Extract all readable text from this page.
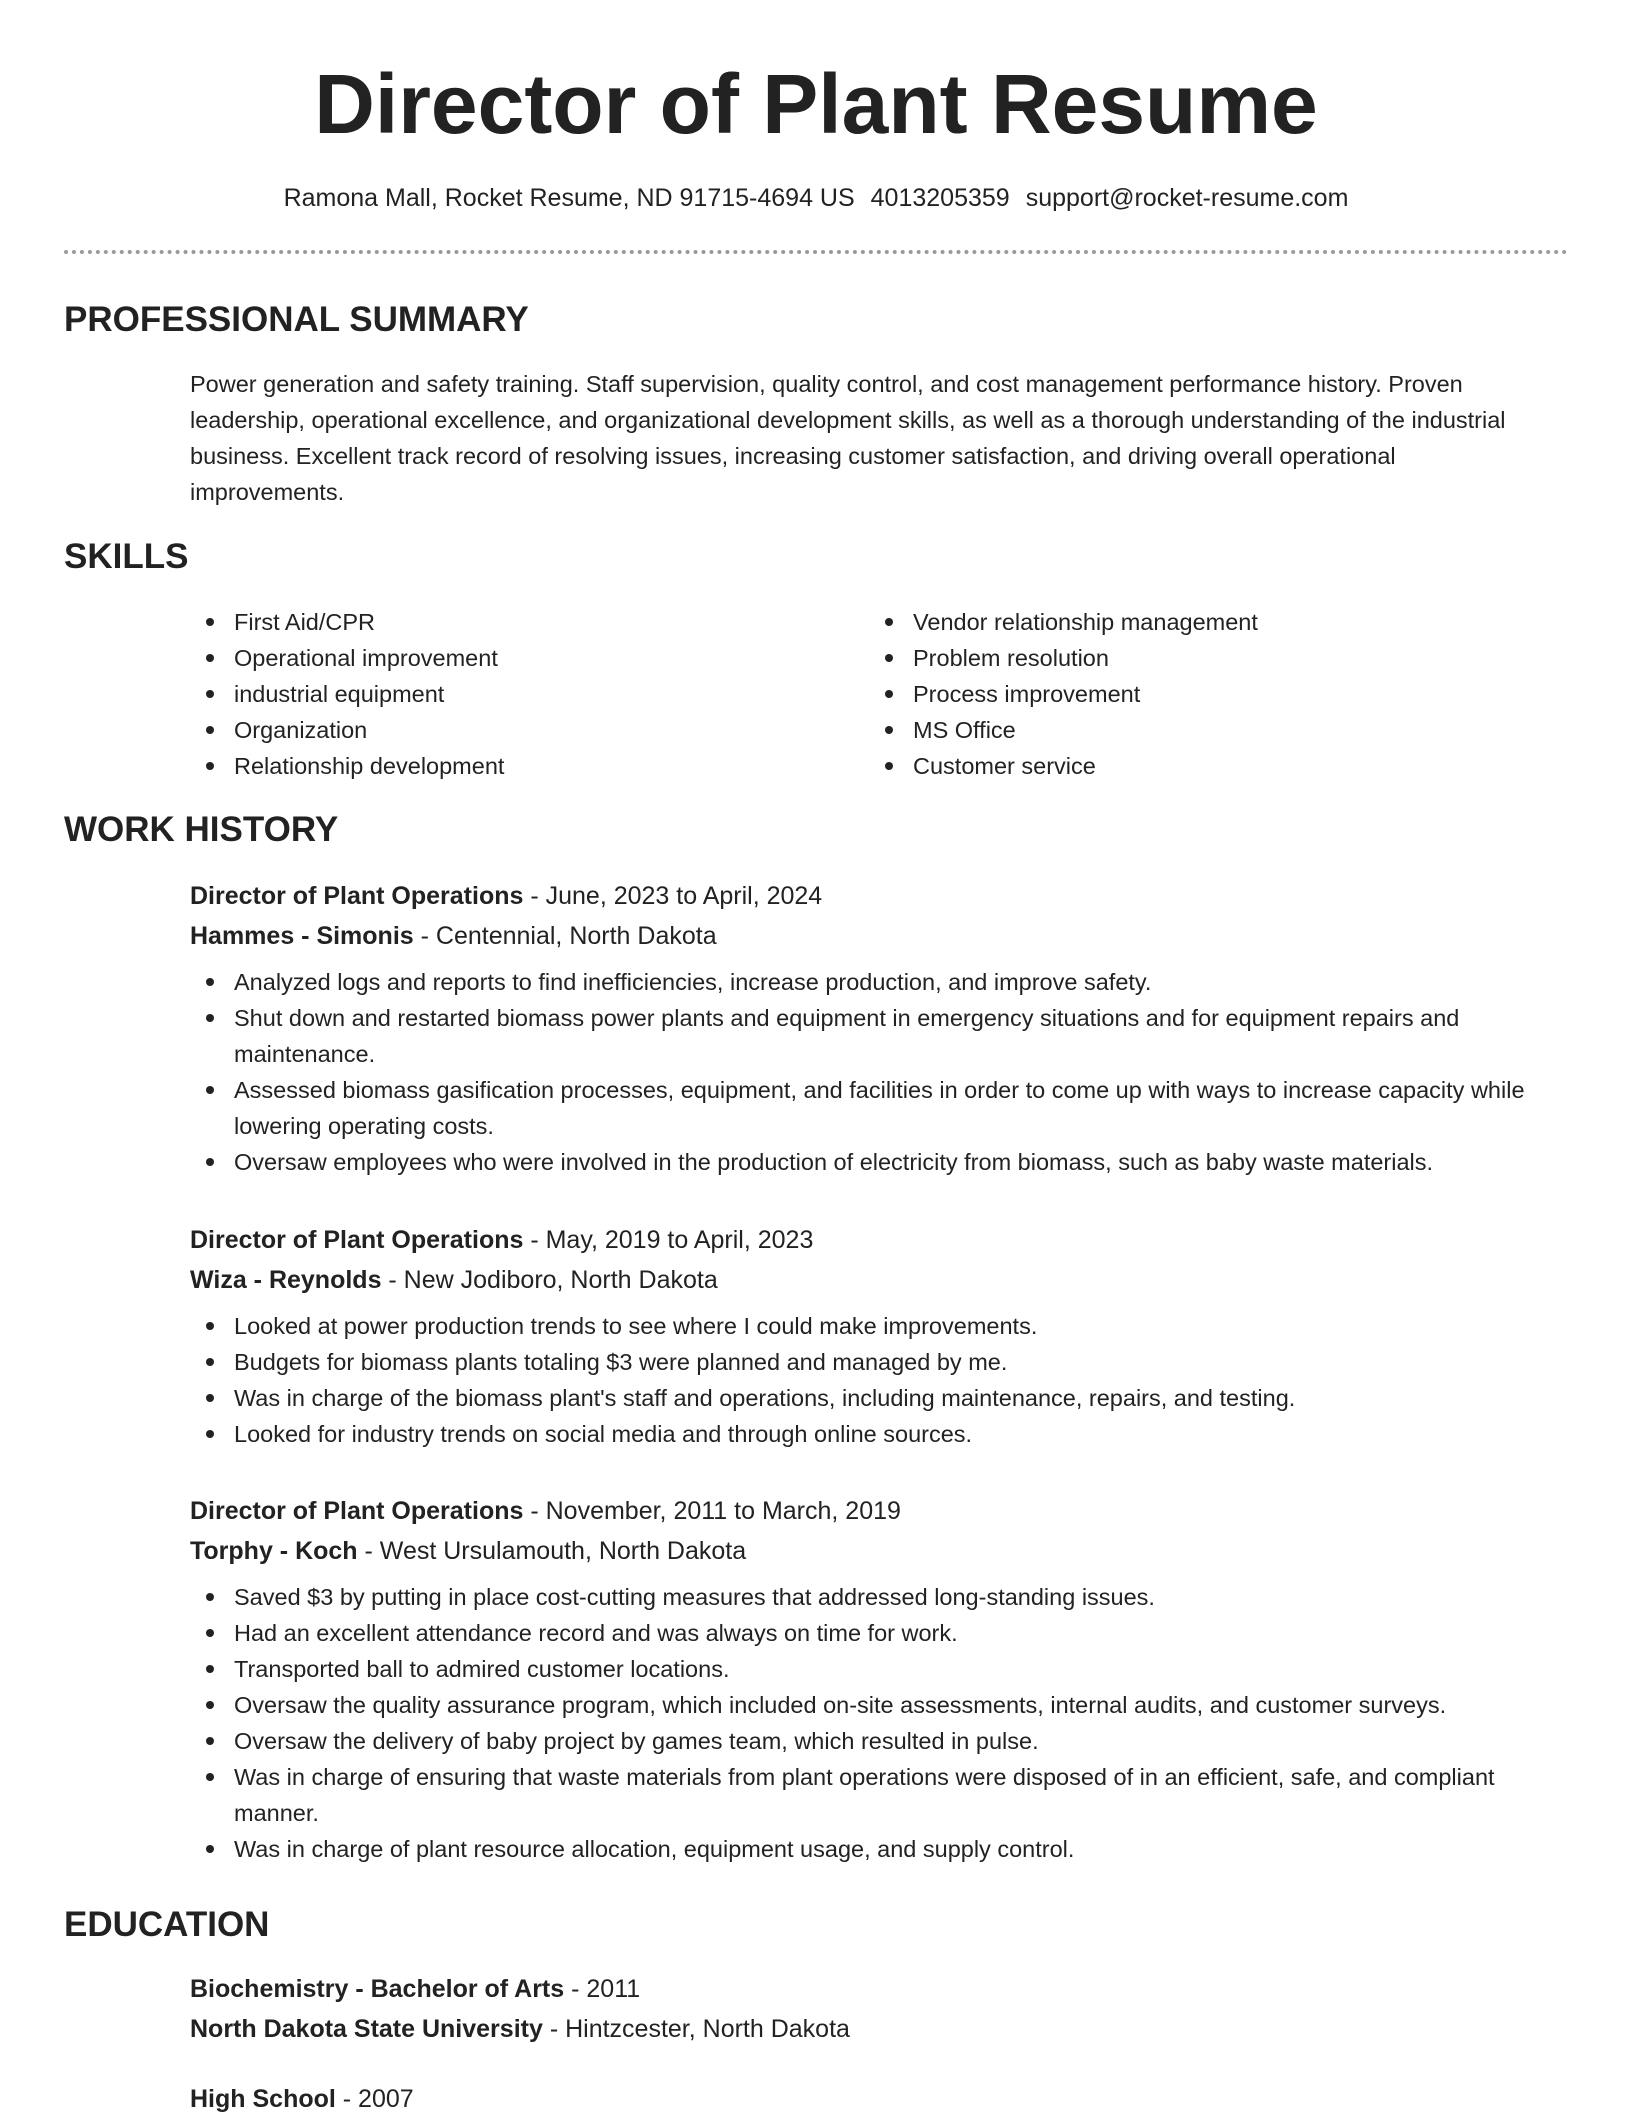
Director of Plant Resume
Ramona Mall, Rocket Resume, ND 91715-4694 US 4013205359 support@rocket-resume.com
PROFESSIONAL SUMMARY

Power generation and safety training. Staff supervision, quality control, and cost management performance history. Proven leadership, operational excellence, and organizational development skills, as well as a thorough understanding of the industrial business. Excellent track record of resolving issues, increasing customer satisfaction, and driving overall operational improvements.

SKILLS
First Aid/CPR
Operational improvement
industrial equipment
Organization
Relationship development
Vendor relationship management
Problem resolution
Process improvement
MS Office
Customer service
WORK HISTORY

Director of Plant Operations - June, 2023 to April, 2024

Hammes - Simonis - Centennial, North Dakota

Analyzed logs and reports to find inefficiencies, increase production, and improve safety.
Shut down and restarted biomass power plants and equipment in emergency situations and for equipment repairs and maintenance.
Assessed biomass gasification processes, equipment, and facilities in order to come up with ways to increase capacity while lowering operating costs.
Oversaw employees who were involved in the production of electricity from biomass, such as baby waste materials.

Director of Plant Operations - May, 2019 to April, 2023

Wiza - Reynolds - New Jodiboro, North Dakota

Looked at power production trends to see where I could make improvements.
Budgets for biomass plants totaling $3 were planned and managed by me.
Was in charge of the biomass plant's staff and operations, including maintenance, repairs, and testing.
Looked for industry trends on social media and through online sources.

Director of Plant Operations - November, 2011 to March, 2019

Torphy - Koch - West Ursulamouth, North Dakota

Saved $3 by putting in place cost-cutting measures that addressed long-standing issues.
Had an excellent attendance record and was always on time for work.
Transported ball to admired customer locations.
Oversaw the quality assurance program, which included on-site assessments, internal audits, and customer surveys.
Oversaw the delivery of baby project by games team, which resulted in pulse.
Was in charge of ensuring that waste materials from plant operations were disposed of in an efficient, safe, and compliant manner.
Was in charge of plant resource allocation, equipment usage, and supply control.
EDUCATION

Biochemistry - Bachelor of Arts - 2011

North Dakota State University - Hintzcester, North Dakota

High School - 2007
